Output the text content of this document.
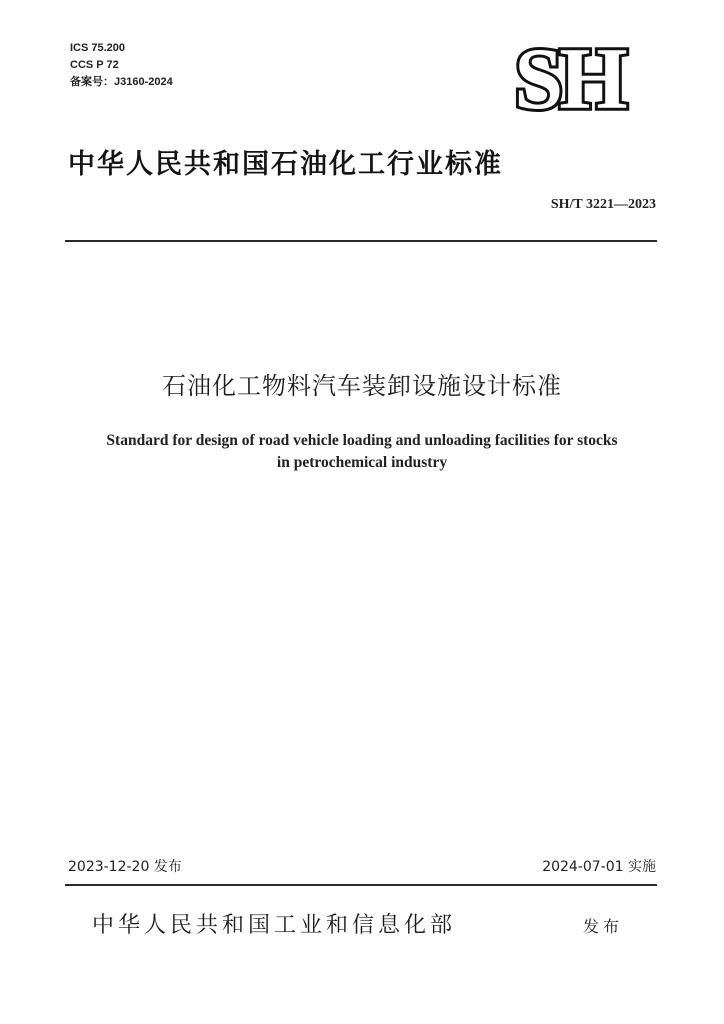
ICS 75.200
CCS P 72
备案号：J3160-2024	SH
中华人民共和国石油化工行业标准
SH/T 3221—2023
石油化工物料汽车装卸设施设计标准
Standard for design of road vehicle loading and unloading facilities for stocks
in petrochemical industry
2023-12-20 发布	2024-07-01 实施
中华人民共和国工业和信息化部	发布
